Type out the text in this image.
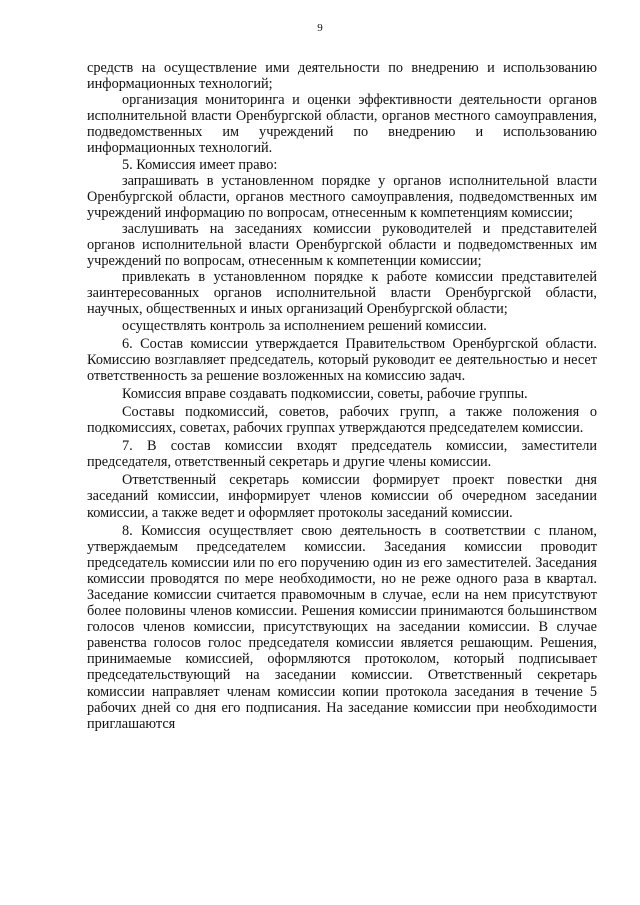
9

средств на осуществление ими деятельности по внедрению и использованию информационных технологий;

организация мониторинга и оценки эффективности деятельности органов исполнительной власти Оренбургской области, органов местного самоуправления, подведомственных им учреждений по внедрению и использованию информационных технологий.

5. Комиссия имеет право:

запрашивать в установленном порядке у органов исполнительной власти Оренбургской области, органов местного самоуправления, подведомственных им учреждений информацию по вопросам, отнесенным к компетенциям комиссии;

заслушивать на заседаниях комиссии руководителей и представителей органов исполнительной власти Оренбургской области и подведомственных им учреждений по вопросам, отнесенным к компетенции комиссии;

привлекать в установленном порядке к работе комиссии представителей заинтересованных органов исполнительной власти Оренбургской области, научных, общественных и иных организаций Оренбургской области;

осуществлять контроль за исполнением решений комиссии.

6. Состав комиссии утверждается Правительством Оренбургской области. Комиссию возглавляет председатель, который руководит ее деятельностью и несет ответственность за решение возложенных на комиссию задач.

Комиссия вправе создавать подкомиссии, советы, рабочие группы.

Составы подкомиссий, советов, рабочих групп, а также положения о подкомиссиях, советах, рабочих группах утверждаются председателем комиссии.

7. В состав комиссии входят председатель комиссии, заместители председателя, ответственный секретарь и другие члены комиссии.

Ответственный секретарь комиссии формирует проект повестки дня заседаний комиссии, информирует членов комиссии об очередном заседании комиссии, а также ведет и оформляет протоколы заседаний комиссии.

8. Комиссия осуществляет свою деятельность в соответствии с планом, утверждаемым председателем комиссии. Заседания комиссии проводит председатель комиссии или по его поручению один из его заместителей. Заседания комиссии проводятся по мере необходимости, но не реже одного раза в квартал. Заседание комиссии считается правомочным в случае, если на нем присутствуют более половины членов комиссии. Решения комиссии принимаются большинством голосов членов комиссии, присутствующих на заседании комиссии. В случае равенства голосов голос председателя комиссии является решающим. Решения, принимаемые комиссией, оформляются протоколом, который подписывает председательствующий на заседании комиссии. Ответственный секретарь комиссии направляет членам комиссии копии протокола заседания в течение 5 рабочих дней со дня его подписания. На заседание комиссии при необходимости приглашаются
